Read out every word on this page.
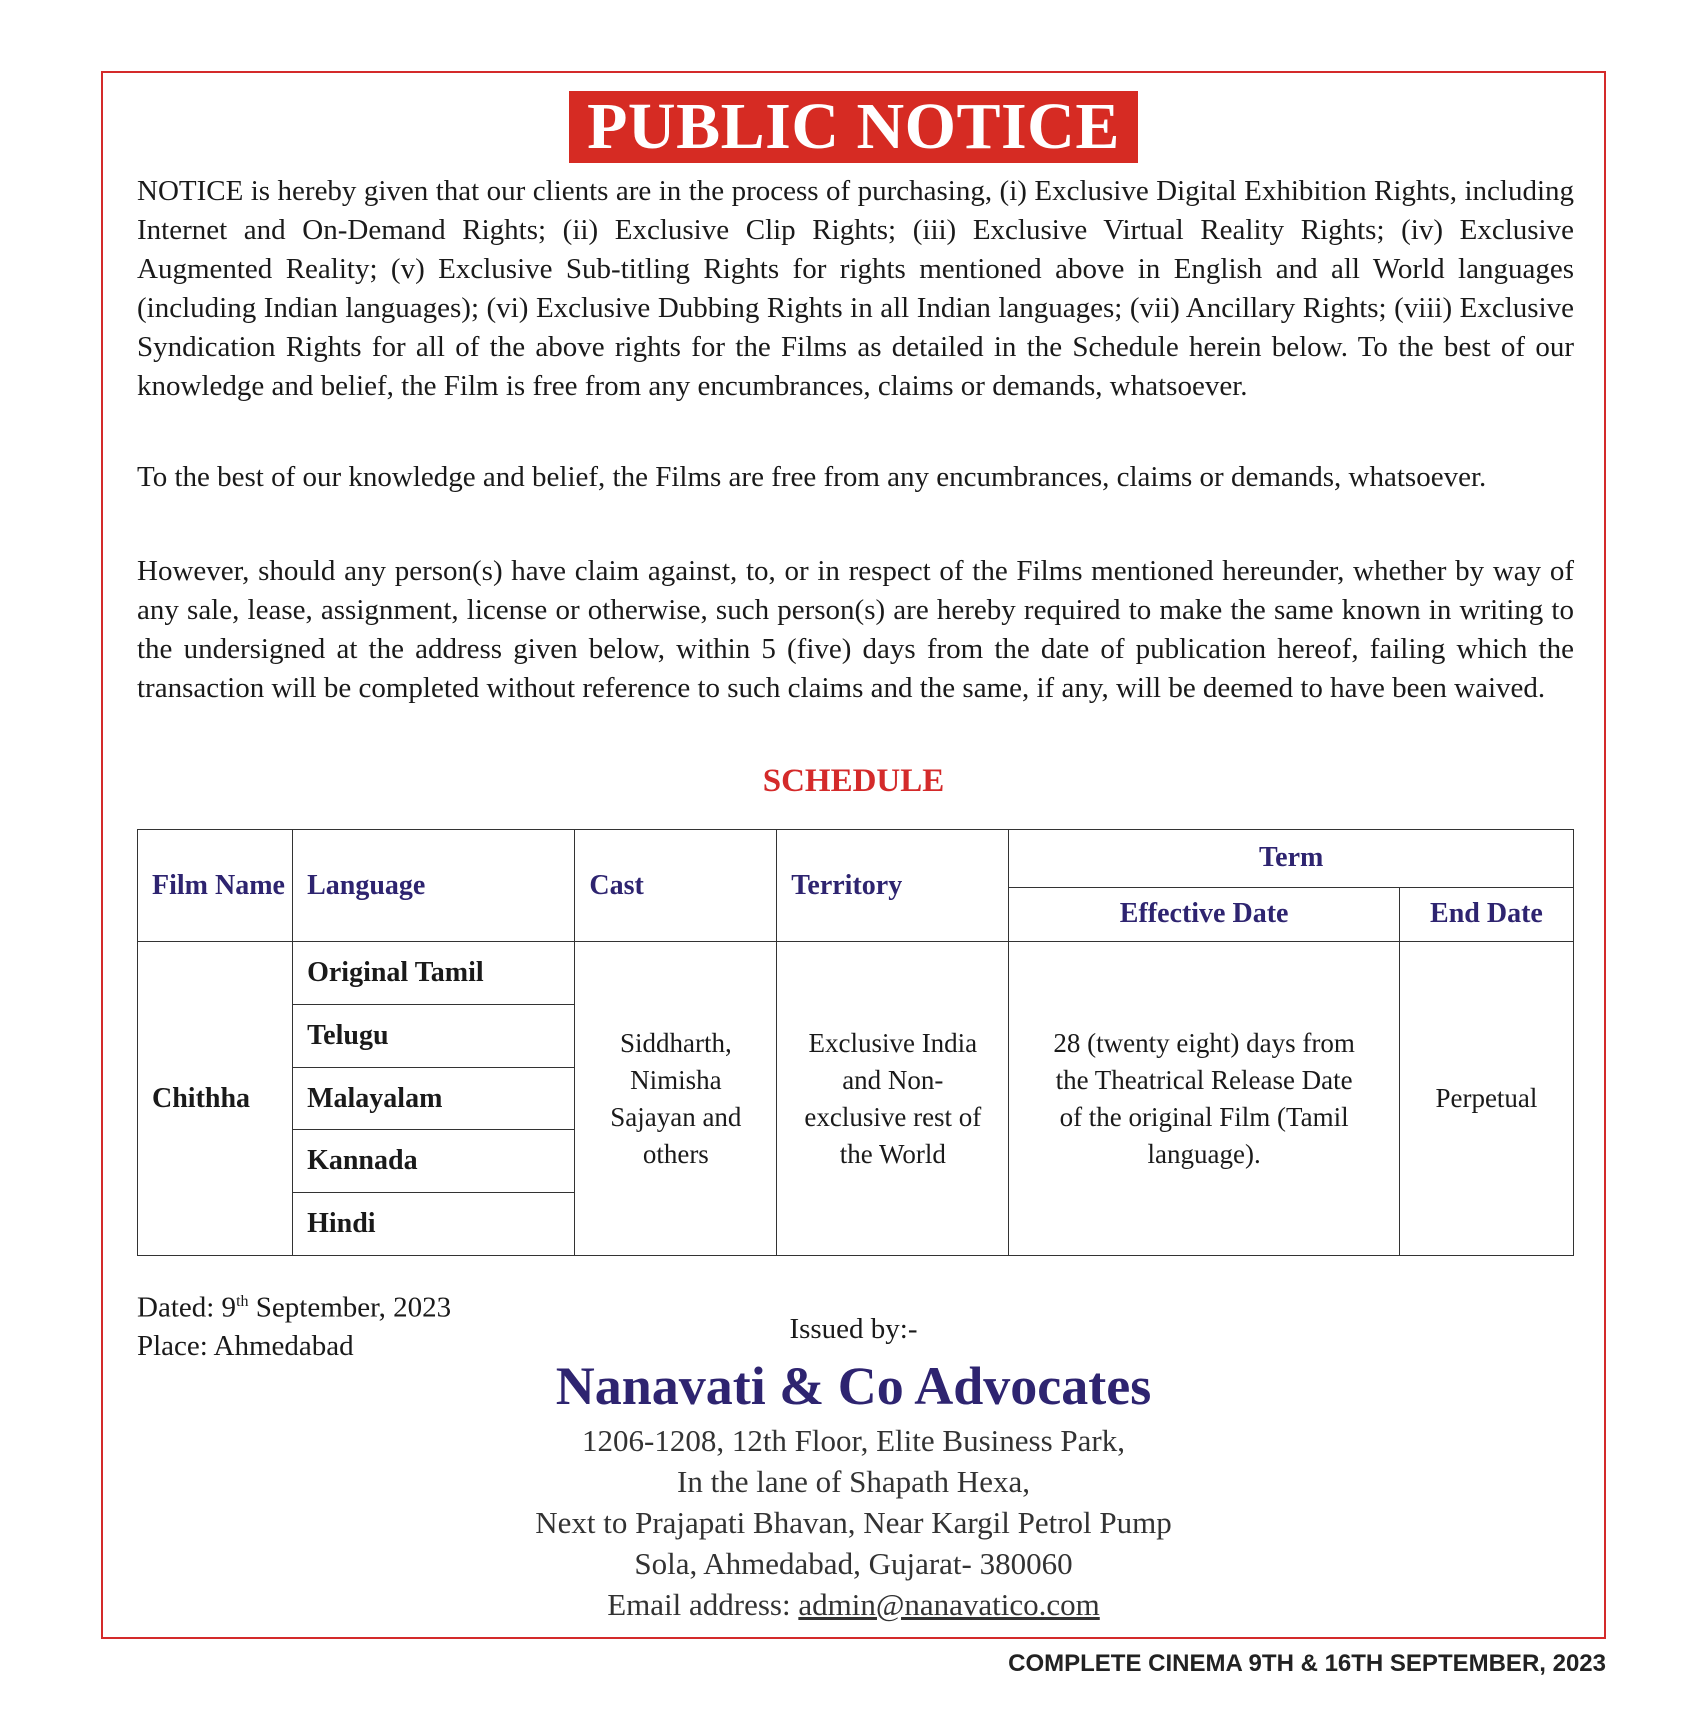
PUBLIC NOTICE
NOTICE is hereby given that our clients are in the process of purchasing, (i) Exclusive Digital Exhibition Rights, including Internet and On-Demand Rights; (ii) Exclusive Clip Rights; (iii) Exclusive Virtual Reality Rights; (iv) Exclusive Augmented Reality; (v) Exclusive Sub-titling Rights for rights mentioned above in English and all World languages (including Indian languages); (vi) Exclusive Dubbing Rights in all Indian languages; (vii) Ancillary Rights; (viii) Exclusive Syndication Rights for all of the above rights for the Films as detailed in the Schedule herein below. To the best of our knowledge and belief, the Film is free from any encumbrances, claims or demands, whatsoever.
To the best of our knowledge and belief, the Films are free from any encumbrances, claims or demands, whatsoever.
However, should any person(s) have claim against, to, or in respect of the Films mentioned hereunder, whether by way of any sale, lease, assignment, license or otherwise, such person(s) are hereby required to make the same known in writing to the undersigned at the address given below, within 5 (five) days from the date of publication hereof, failing which the transaction will be completed without reference to such claims and the same, if any, will be deemed to have been waived.
SCHEDULE
Film Name	Language	Cast	Territory	Term	
				Effective Date	End Date
Chithha	Original Tamil	Siddharth, Nimisha Sajayan and others	Exclusive India and Non-exclusive rest of the World	28 (twenty eight) days from the Theatrical Release Date of the original Film (Tamil language).	Perpetual
	Telugu				
	Malayalam				
	Kannada				
	Hindi				
Dated: 9th September, 2023
Place: Ahmedabad
Issued by:-
Nanavati & Co Advocates
1206-1208, 12th Floor, Elite Business Park,
In the lane of Shapath Hexa,
Next to Prajapati Bhavan, Near Kargil Petrol Pump
Sola, Ahmedabad, Gujarat- 380060
Email address: admin@nanavatico.com
COMPLETE CINEMA 9TH & 16TH SEPTEMBER, 2023
